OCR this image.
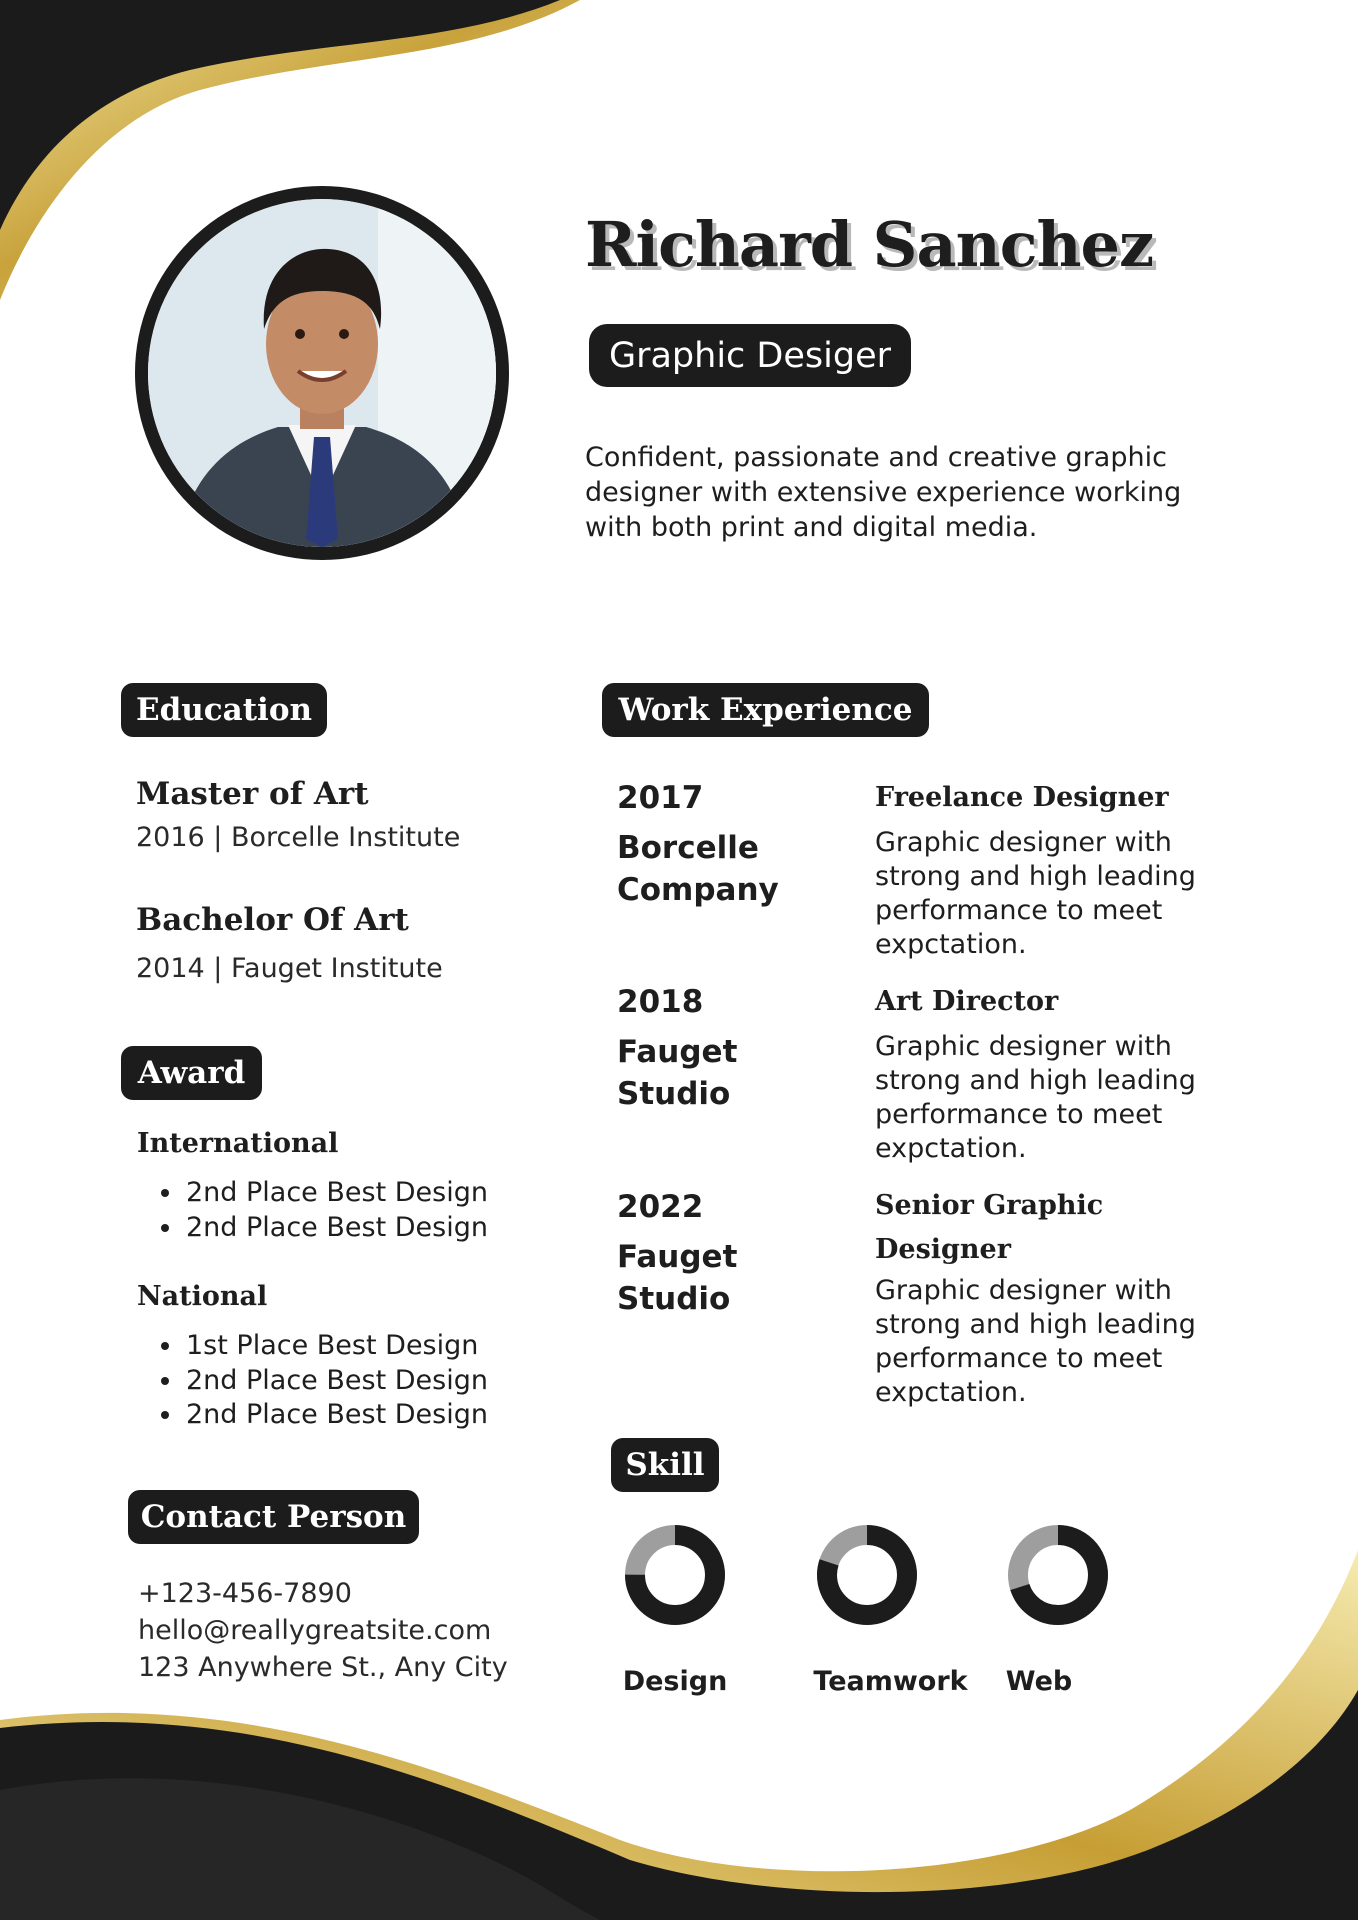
Richard Sanchez
Graphic Desiger
Confident, passionate and creative graphic designer with extensive experience working with both print and digital media.
Education
Master of Art
2016 | Borcelle Institute
Bachelor Of Art
2014 | Fauget Institute
Award
International
• 2nd Place Best Design
• 2nd Place Best Design
National
• 1st Place Best Design
• 2nd Place Best Design
• 2nd Place Best Design
Contact Person
+123-456-7890
hello@reallygreatsite.com
123 Anywhere St., Any City
Work Experience
2017
Borcelle Company
Freelance Designer
Graphic designer with strong and high leading performance to meet expctation.
2018
Fauget Studio
Art Director
Graphic designer with strong and high leading performance to meet expctation.
2022
Fauget Studio
Senior Graphic Designer
Graphic designer with strong and high leading performance to meet expctation.
Skill
Design	Teamwork Web
